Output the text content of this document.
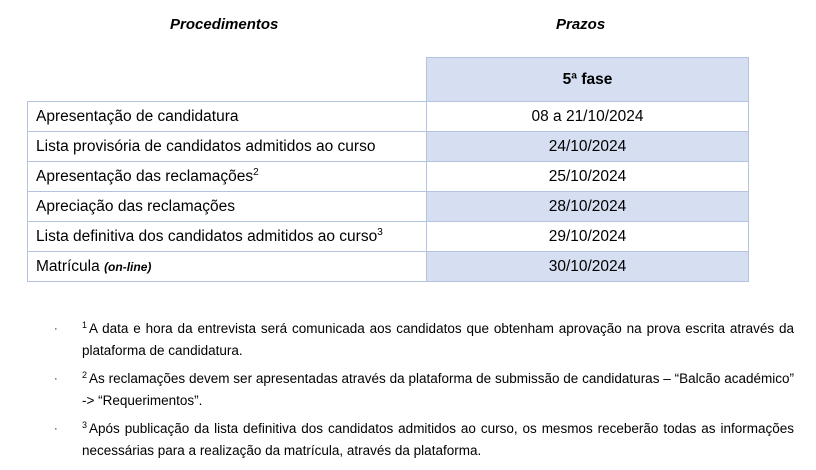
Procedimentos	Prazos
	5ª fase
Apresentação de candidatura	08 a 21/10/2024
Lista provisória de candidatos admitidos ao curso	24/10/2024
Apresentação das reclamações$^2$	25/10/2024
Apreciação das reclamações	28/10/2024
Lista definitiva dos candidatos admitidos ao curso$^3$	29/10/2024
Matrícula (on-line)	30/10/2024
·	$^1$ A data e hora da entrevista será comunicada aos candidatos que obtenham aprovação na prova escrita através da plataforma de candidatura.
·	$^2$ As reclamações devem ser apresentadas através da plataforma de submissão de candidaturas – “Balcão académico” -> “Requerimentos”.
·	$^3$ Após publicação da lista definitiva dos candidatos admitidos ao curso, os mesmos receberão todas as informações necessárias para a realização da matrícula, através da plataforma.
